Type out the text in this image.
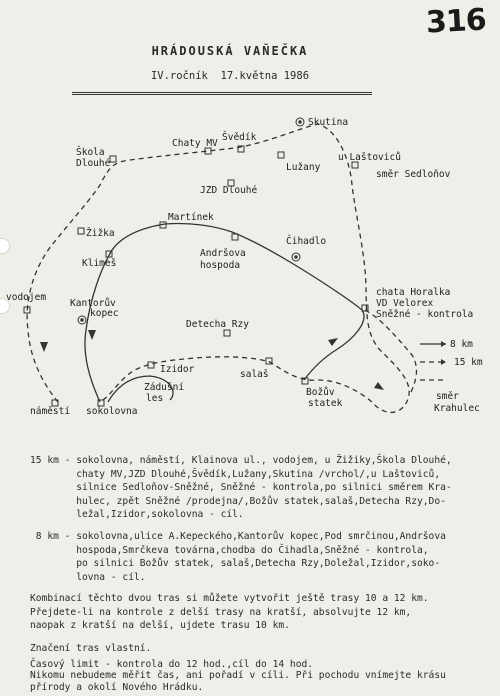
316
HRÁDOUSKÁ VAŇEČKA
IV.ročník 17.května 1986
8 km
15 km
Škola
Dlouhé
Chaty MV
Švědík
Skutina
u Laštoviců
směr Sedloňov
Lužany
JZD Dlouhé
Martínek
Žižka
Klimeš
Andršova
hospoda
Čihadlo
vodojem
Kantorův
kopec
chata Horalka
VD Velorex
Sněžné - kontrola
Detecha Rzy
Izidor
Zádušní
les
salaš
Božův
statek
náměstí sokolovna
směr
Krahulec
15 km - sokolovna, náměstí, Klainova ul., vodojem, u Žižiky,Škola Dlouhé,
chaty MV,JZD Dlouhé,Švědík,Lužany,Skutina /vrchol/,u Laštoviců,
silnice Sedloňov-Sněžné, Sněžné - kontrola,po silnici směrem Kra-
hulec, zpět Sněžné /prodejna/,Božův statek,salaš,Detecha Rzy,Do-
ležal,Izidor,sokolovna - cíl.
8 km - sokolovna,ulice A.Kepeckého,Kantorův kopec,Pod smrčinou,Andršova
hospoda,Smrčkeva továrna,chodba do Čihadla,Sněžné - kontrola,
po silnici Božův statek, salaš,Detecha Rzy,Doležal,Izidor,soko-
lovna - cíl.
Kombinací těchto dvou tras si můžete vytvořit ještě trasy 10 a 12 km.
Přejdete-li na kontrole z delší trasy na kratší, absolvujte 12 km,
naopak z kratší na delší, ujdete trasu 10 km.
Značení tras vlastní.
Časový limit - kontrola do 12 hod.,cíl do 14 hod.
Nikomu nebudeme měřit čas, ani pořadí v cíli. Při pochodu vnímejte krásu
přírody a okolí Nového Hrádku.
